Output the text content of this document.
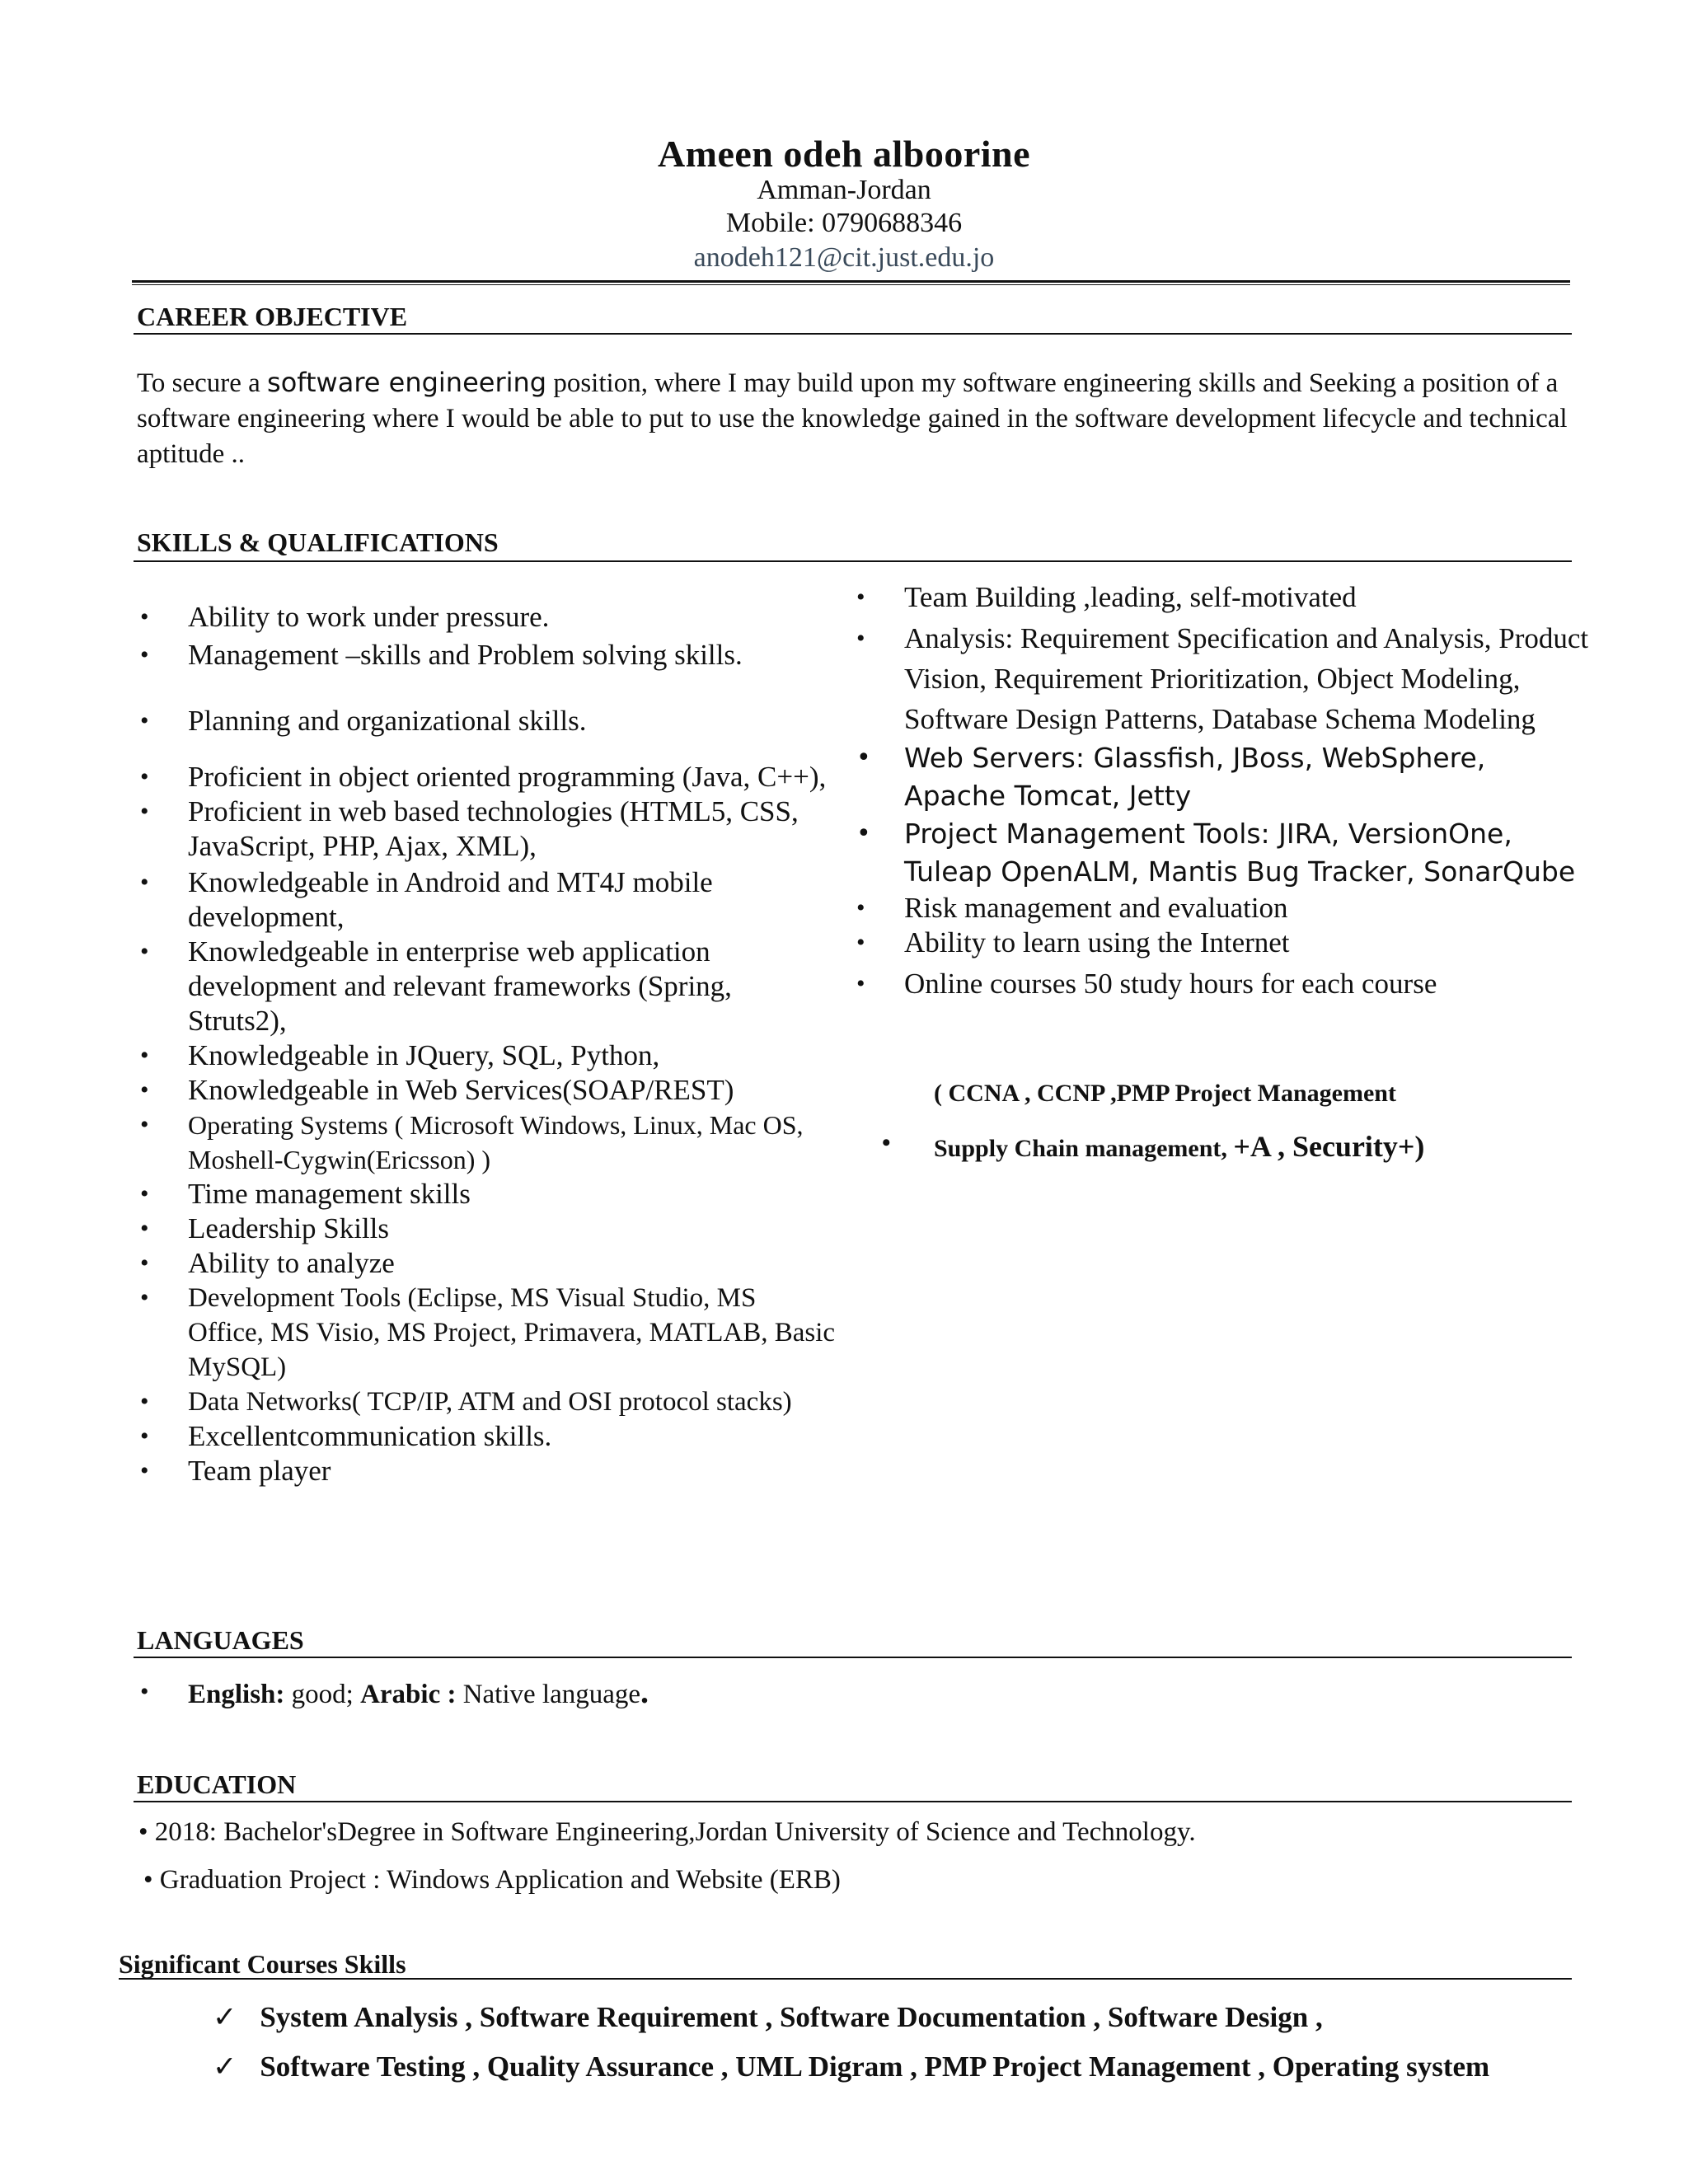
Ameen odeh alboorine
Amman-Jordan
Mobile: 0790688346
anodeh121@cit.just.edu.jo
CAREER OBJECTIVE
To secure a software engineering position, where I may build upon my software engineering skills and Seeking a position of a software engineering where I would be able to put to use the knowledge gained in the software development lifecycle and technical aptitude ..
SKILLS & QUALIFICATIONS
• Ability to work under pressure.
• Management –skills and Problem solving skills.
• Planning and organizational skills.
• Proficient in object oriented programming (Java, C++),
• Proficient in web based technologies (HTML5, CSS, JavaScript, PHP, Ajax, XML),
• Knowledgeable in Android and MT4J mobile development,
• Knowledgeable in enterprise web application development and relevant frameworks (Spring, Struts2),
• Knowledgeable in JQuery, SQL, Python,
• Knowledgeable in Web Services(SOAP/REST)
• Operating Systems ( Microsoft Windows, Linux, Mac OS, Moshell-Cygwin(Ericsson) )
• Time management skills
• Leadership Skills
• Ability to analyze
• Development Tools (Eclipse, MS Visual Studio, MS Office, MS Visio, MS Project, Primavera, MATLAB, Basic MySQL)
• Data Networks( TCP/IP, ATM and OSI protocol stacks)
• Excellentcommunication skills.
• Team player
• Team Building ,leading, self-motivated
• Analysis: Requirement Specification and Analysis, Product Vision, Requirement Prioritization, Object Modeling, Software Design Patterns, Database Schema Modeling
• Web Servers: Glassfish, JBoss, WebSphere, Apache Tomcat, Jetty
• Project Management Tools: JIRA, VersionOne, Tuleap OpenALM, Mantis Bug Tracker, SonarQube
• Risk management and evaluation
• Ability to learn using the Internet
• Online courses 50 study hours for each course
( CCNA , CCNP ,PMP Project Management
• Supply Chain management, +A , Security+)
LANGUAGES
• English: good; Arabic : Native language.
EDUCATION
• 2018: Bachelor'sDegree in Software Engineering,Jordan University of Science and Technology.
• Graduation Project : Windows Application and Website (ERB)
Significant Courses Skills
✓ System Analysis , Software Requirement , Software Documentation , Software Design ,
✓ Software Testing , Quality Assurance , UML Digram , PMP Project Management , Operating system
